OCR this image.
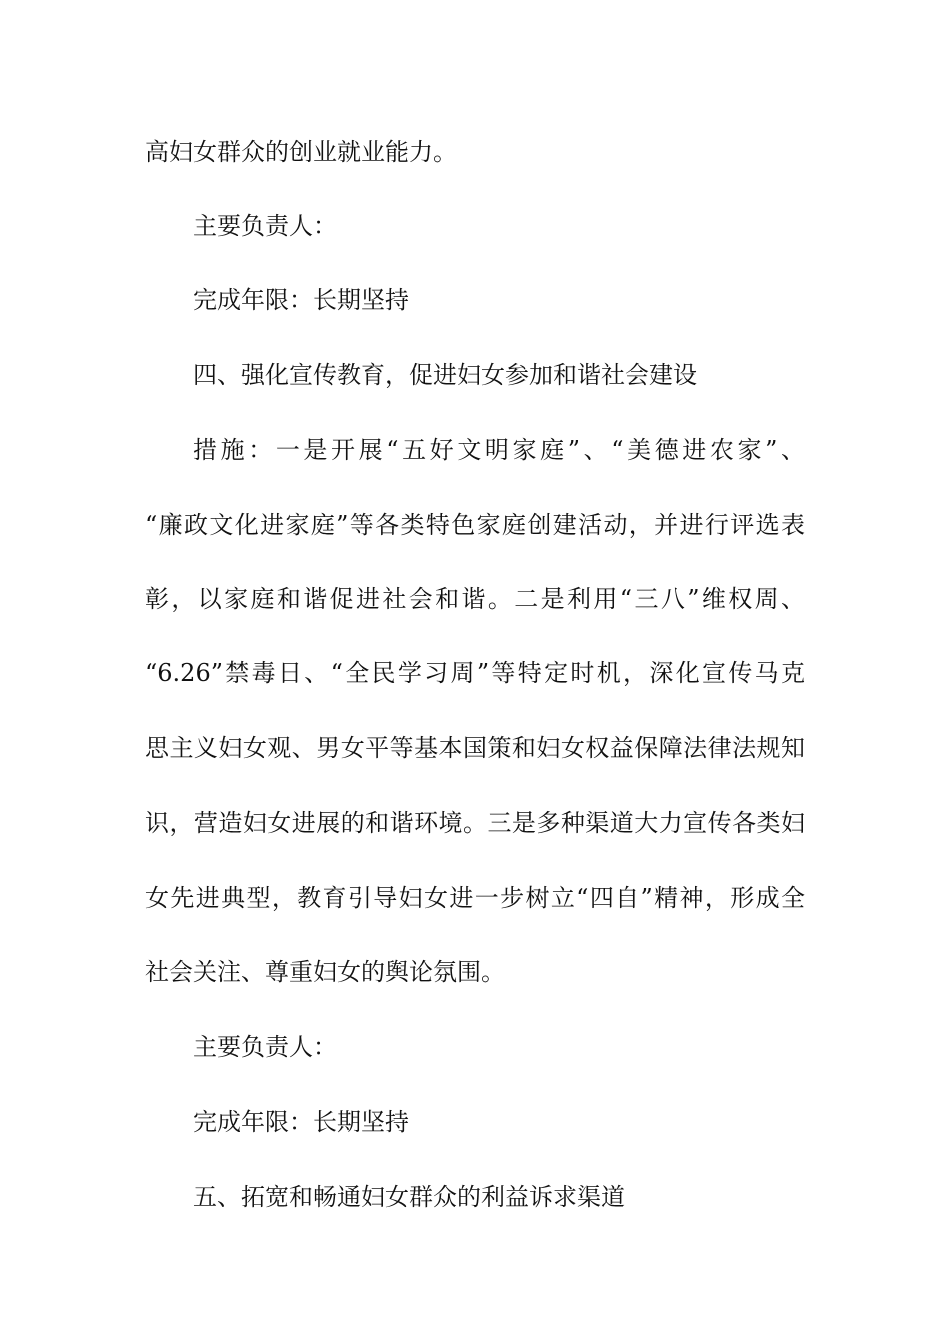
高妇女群众的创业就业能力。
主要负责人：
完成年限：长期坚持
四、强化宣传教育，促进妇女参加和谐社会建设
措施：一是开展“五好文明家庭”、“美德进农家”、
“廉政文化进家庭”等各类特色家庭创建活动，并进行评选表
彰，以家庭和谐促进社会和谐。二是利用“三八”维权周、
“6.26”禁毒日、“全民学习周”等特定时机，深化宣传马克
思主义妇女观、男女平等基本国策和妇女权益保障法律法规知
识，营造妇女进展的和谐环境。三是多种渠道大力宣传各类妇
女先进典型，教育引导妇女进一步树立“四自”精神，形成全
社会关注、尊重妇女的舆论氛围。
主要负责人：
完成年限：长期坚持
五、拓宽和畅通妇女群众的利益诉求渠道
